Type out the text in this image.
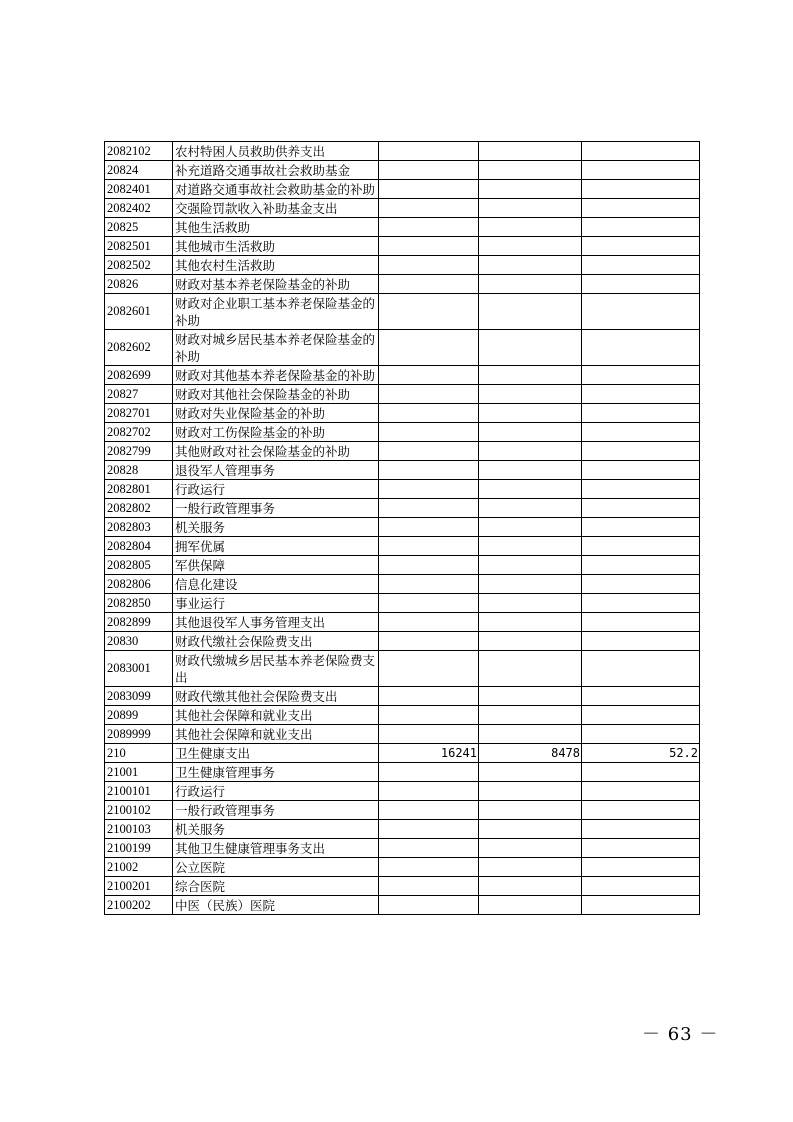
2082102	农村特困人员救助供养支出			
20824	补充道路交通事故社会救助基金			
2082401	对道路交通事故社会救助基金的补助			
2082402	交强险罚款收入补助基金支出			
20825	其他生活救助			
2082501	其他城市生活救助			
2082502	其他农村生活救助			
20826	财政对基本养老保险基金的补助			
2082601	财政对企业职工基本养老保险基金的补助			
2082602	财政对城乡居民基本养老保险基金的补助			
2082699	财政对其他基本养老保险基金的补助			
20827	财政对其他社会保险基金的补助			
2082701	财政对失业保险基金的补助			
2082702	财政对工伤保险基金的补助			
2082799	其他财政对社会保险基金的补助			
20828	退役军人管理事务			
2082801	行政运行			
2082802	一般行政管理事务			
2082803	机关服务			
2082804	拥军优属			
2082805	军供保障			
2082806	信息化建设			
2082850	事业运行			
2082899	其他退役军人事务管理支出			
20830	财政代缴社会保险费支出			
2083001	财政代缴城乡居民基本养老保险费支出			
2083099	财政代缴其他社会保险费支出			
20899	其他社会保障和就业支出			
2089999	其他社会保障和就业支出			
210	卫生健康支出	16241	8478	52.2
21001	卫生健康管理事务			
2100101	行政运行			
2100102	一般行政管理事务			
2100103	机关服务			
2100199	其他卫生健康管理事务支出			
21002	公立医院			
2100201	综合医院			
2100202	中医（民族）医院			
－ 63 －
